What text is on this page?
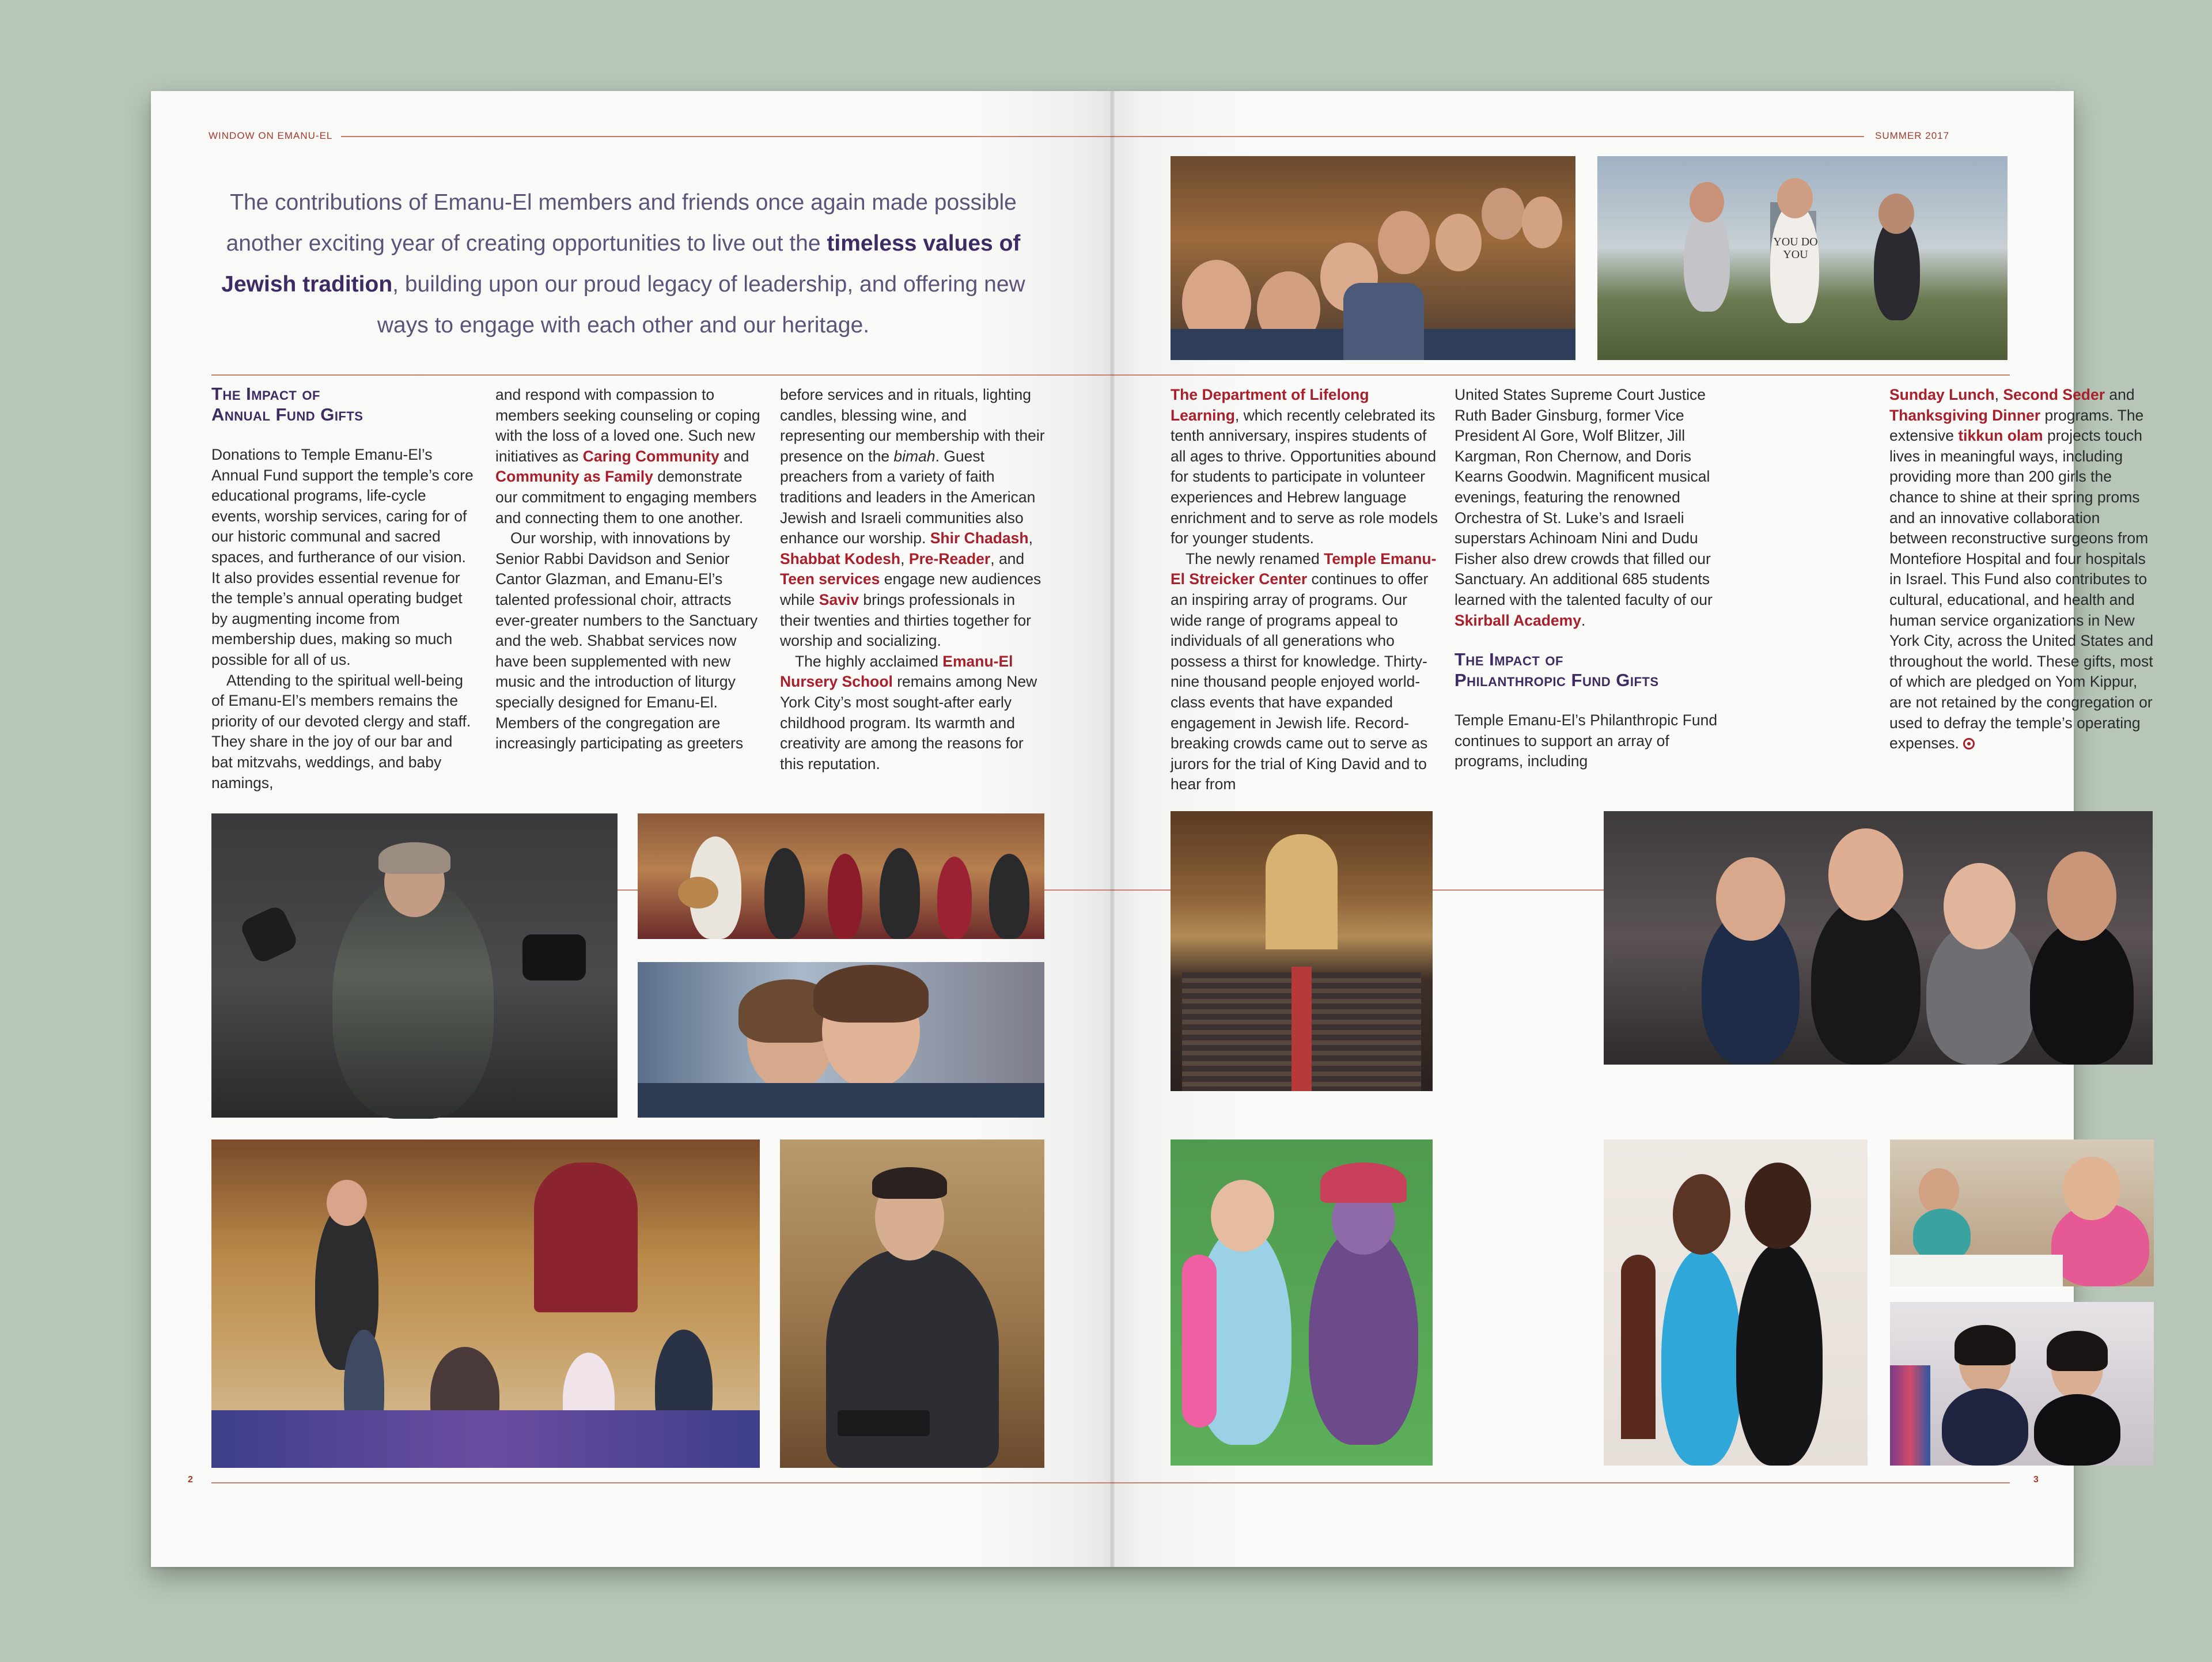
WINDOW ON EMANU-EL
The contributions of Emanu-El members and friends once again made possible another exciting year of creating opportunities to live out the timeless values of Jewish tradition, building upon our proud legacy of leadership, and offering new ways to engage with each other and our heritage.
The Impact of
Annual Fund Gifts

Donations to Temple Emanu-El’s Annual Fund support the temple’s core educational programs, life-cycle events, worship services, caring for of our historic communal and sacred spaces, and furtherance of our vision. It also provides essential revenue for the temple’s annual operating budget by augmenting income from membership dues, making so much possible for all of us.

Attending to the spiritual well-being of Emanu-El’s members remains the priority of our devoted clergy and staff. They share in the joy of our bar and bat mitzvahs, weddings, and baby namings,

and respond with compassion to members seeking counseling or coping with the loss of a loved one. Such new initiatives as Caring Community and Community as Family demonstrate our commitment to engaging members and connecting them to one another.

Our worship, with innovations by Senior Rabbi Davidson and Senior Cantor Glazman, and Emanu-El’s talented professional choir, attracts ever-greater numbers to the Sanctuary and the web. Shabbat services now have been supplemented with new music and the introduction of liturgy specially designed for Emanu-El. Members of the congregation are increasingly participating as greeters

before services and in rituals, lighting candles, blessing wine, and representing our membership with their presence on the bimah. Guest preachers from a variety of faith traditions and leaders in the American Jewish and Israeli communities also enhance our worship. Shir Chadash, Shabbat Kodesh, Pre-Reader, and Teen services engage new audiences while Saviv brings professionals in their twenties and thirties together for worship and socializing.

The highly acclaimed Emanu-El Nursery School remains among New York City’s most sought-after early childhood program. Its warmth and creativity are among the reasons for this reputation.

2
SUMMER 2017
YOU DO YOU

The Department of Lifelong Learning, which recently celebrated its tenth anniversary, inspires students of all ages to thrive. Opportunities abound for students to participate in volunteer experiences and Hebrew language enrichment and to serve as role models for younger students.

The newly renamed Temple Emanu-El Streicker Center continues to offer an inspiring array of programs. Our wide range of programs appeal to individuals of all generations who possess a thirst for knowledge. Thirty-nine thousand people enjoyed world-class events that have expanded engagement in Jewish life. Record-breaking crowds came out to serve as jurors for the trial of King David and to hear from

United States Supreme Court Justice Ruth Bader Ginsburg, former Vice President Al Gore, Wolf Blitzer, Jill Kargman, Ron Chernow, and Doris Kearns Goodwin. Magnificent musical evenings, featuring the renowned Orchestra of St. Luke’s and Israeli superstars Achinoam Nini and Dudu Fisher also drew crowds that filled our Sanctuary. An additional 685 students learned with the talented faculty of our Skirball Academy.

The Impact of
Philanthropic Fund Gifts

Temple Emanu-El’s Philanthropic Fund continues to support an array of programs, including

Sunday Lunch, Second Seder and Thanksgiving Dinner programs. The extensive tikkun olam projects touch lives in meaningful ways, including providing more than 200 girls the chance to shine at their spring proms and an innovative collaboration between reconstructive surgeons from Montefiore Hospital and four hospitals in Israel. This Fund also contributes to cultural, educational, and health and human service organizations in New York City, across the United States and throughout the world. These gifts, most of which are pledged on Yom Kippur, are not retained by the congregation or used to defray the temple’s operating expenses.

3
